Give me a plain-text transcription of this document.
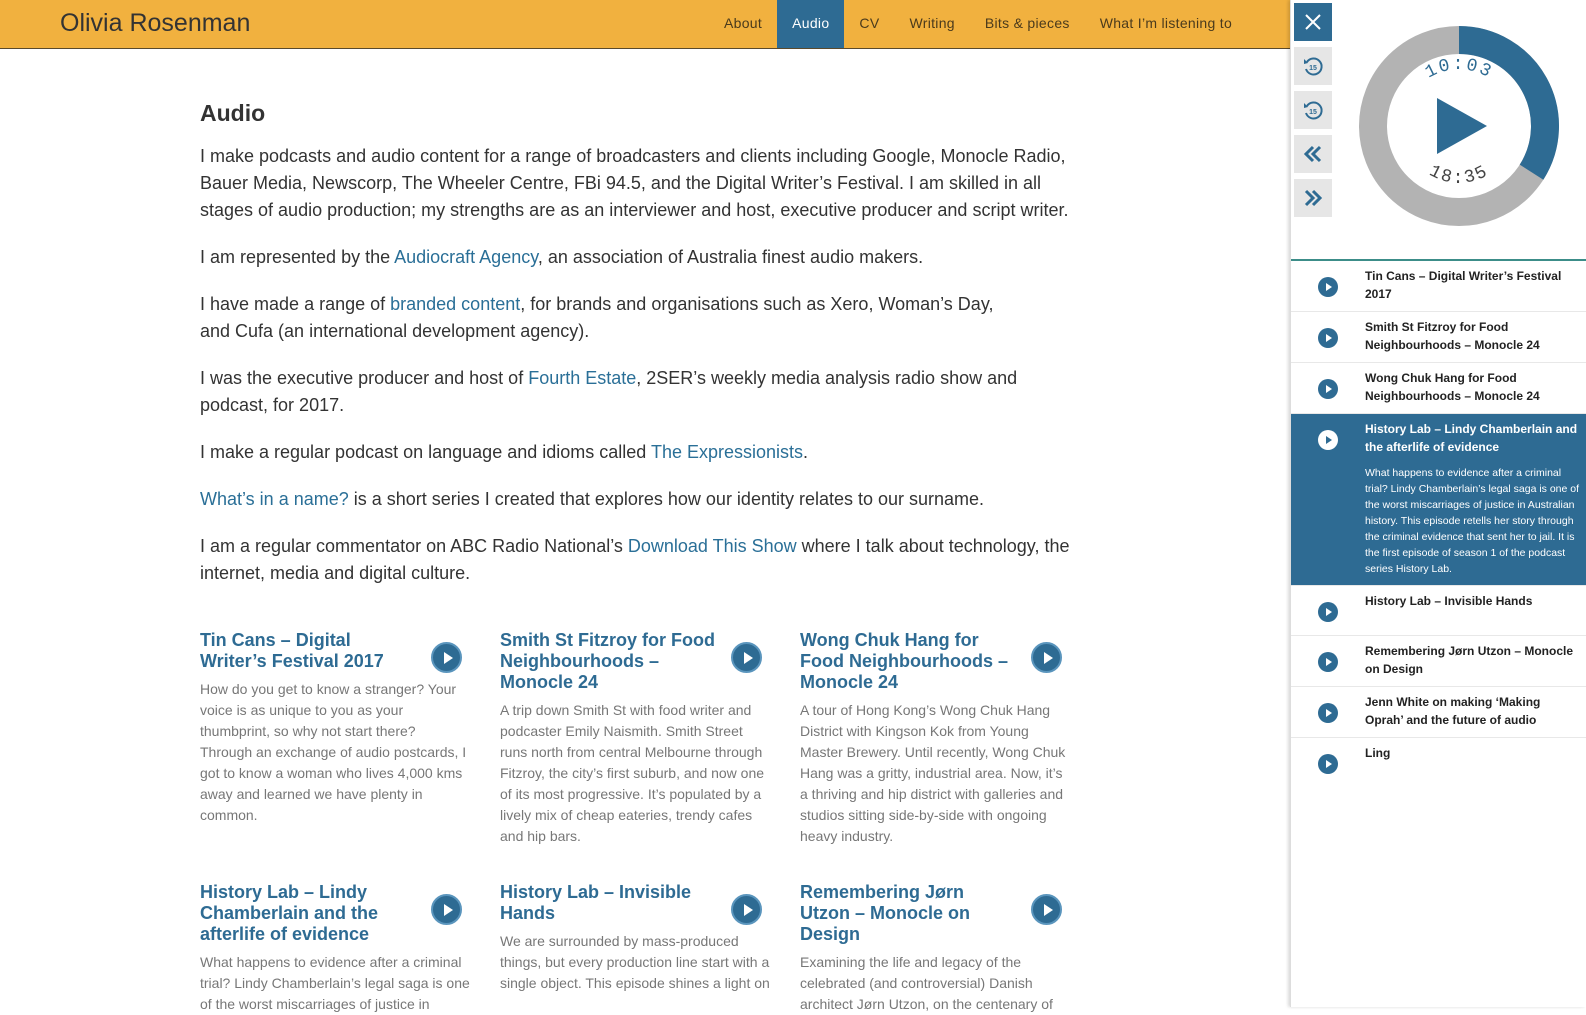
Olivia Rosenman	About	Audio	CV	Writing	Bits & pieces	What I’m listening to
Audio

I make podcasts and audio content for a range of broadcasters and clients including Google, Monocle Radio, Bauer Media, Newscorp, The Wheeler Centre, FBi 94.5, and the Digital Writer’s Festival. I am skilled in all stages of audio production; my strengths are as an interviewer and host, executive producer and script writer.

I am represented by the Audiocraft Agency, an association of Australia finest audio makers.

I have made a range of branded content, for brands and organisations such as Xero, Woman’s Day, and Cufa (an international development agency).

I was the executive producer and host of Fourth Estate, 2SER’s weekly media analysis radio show and podcast, for 2017.

I make a regular podcast on language and idioms called The Expressionists.

What’s in a name? is a short series I created that explores how our identity relates to our surname.

I am a regular commentator on ABC Radio National’s Download This Show where I talk about technology, the internet, media and digital culture.

Tin Cans – Digital Writer’s Festival 2017
How do you get to know a stranger? Your voice is as unique to you as your thumbprint, so why not start there? Through an exchange of audio postcards, I got to know a woman who lives 4,000 kms away and learned we have plenty in common.
Smith St Fitzroy for Food Neighbourhoods – Monocle 24
A trip down Smith St with food writer and podcaster Emily Naismith. Smith Street runs north from central Melbourne through Fitzroy, the city’s first suburb, and now one of its most progressive. It’s populated by a lively mix of cheap eateries, trendy cafes and hip bars.
Wong Chuk Hang for Food Neighbourhoods – Monocle 24
A tour of Hong Kong’s Wong Chuk Hang District with Kingson Kok from Young Master Brewery. Until recently, Wong Chuk Hang was a gritty, industrial area. Now, it’s a thriving and hip district with galleries and studios sitting side-by-side with ongoing heavy industry.
History Lab – Lindy Chamberlain and the afterlife of evidence
What happens to evidence after a criminal trial? Lindy Chamberlain’s legal saga is one of the worst miscarriages of justice in
History Lab – Invisible Hands
We are surrounded by mass-produced things, but every production line start with a single object. This episode shines a light on
Remembering Jørn Utzon – Monocle on Design
Examining the life and legacy of the celebrated (and controversial) Danish architect Jørn Utzon, on the centenary of
15
15
10:03
18:35
Tin Cans – Digital Writer’s Festival 2017
Smith St Fitzroy for Food Neighbourhoods – Monocle 24
Wong Chuk Hang for Food Neighbourhoods – Monocle 24
History Lab – Lindy Chamberlain and the afterlife of evidence
What happens to evidence after a criminal trial? Lindy Chamberlain’s legal saga is one of the worst miscarriages of justice in Australian history. This episode retells her story through the criminal evidence that sent her to jail. It is the first episode of season 1 of the podcast series History Lab.
History Lab – Invisible Hands
Remembering Jørn Utzon – Monocle on Design
Jenn White on making ‘Making Oprah’ and the future of audio
Ling
